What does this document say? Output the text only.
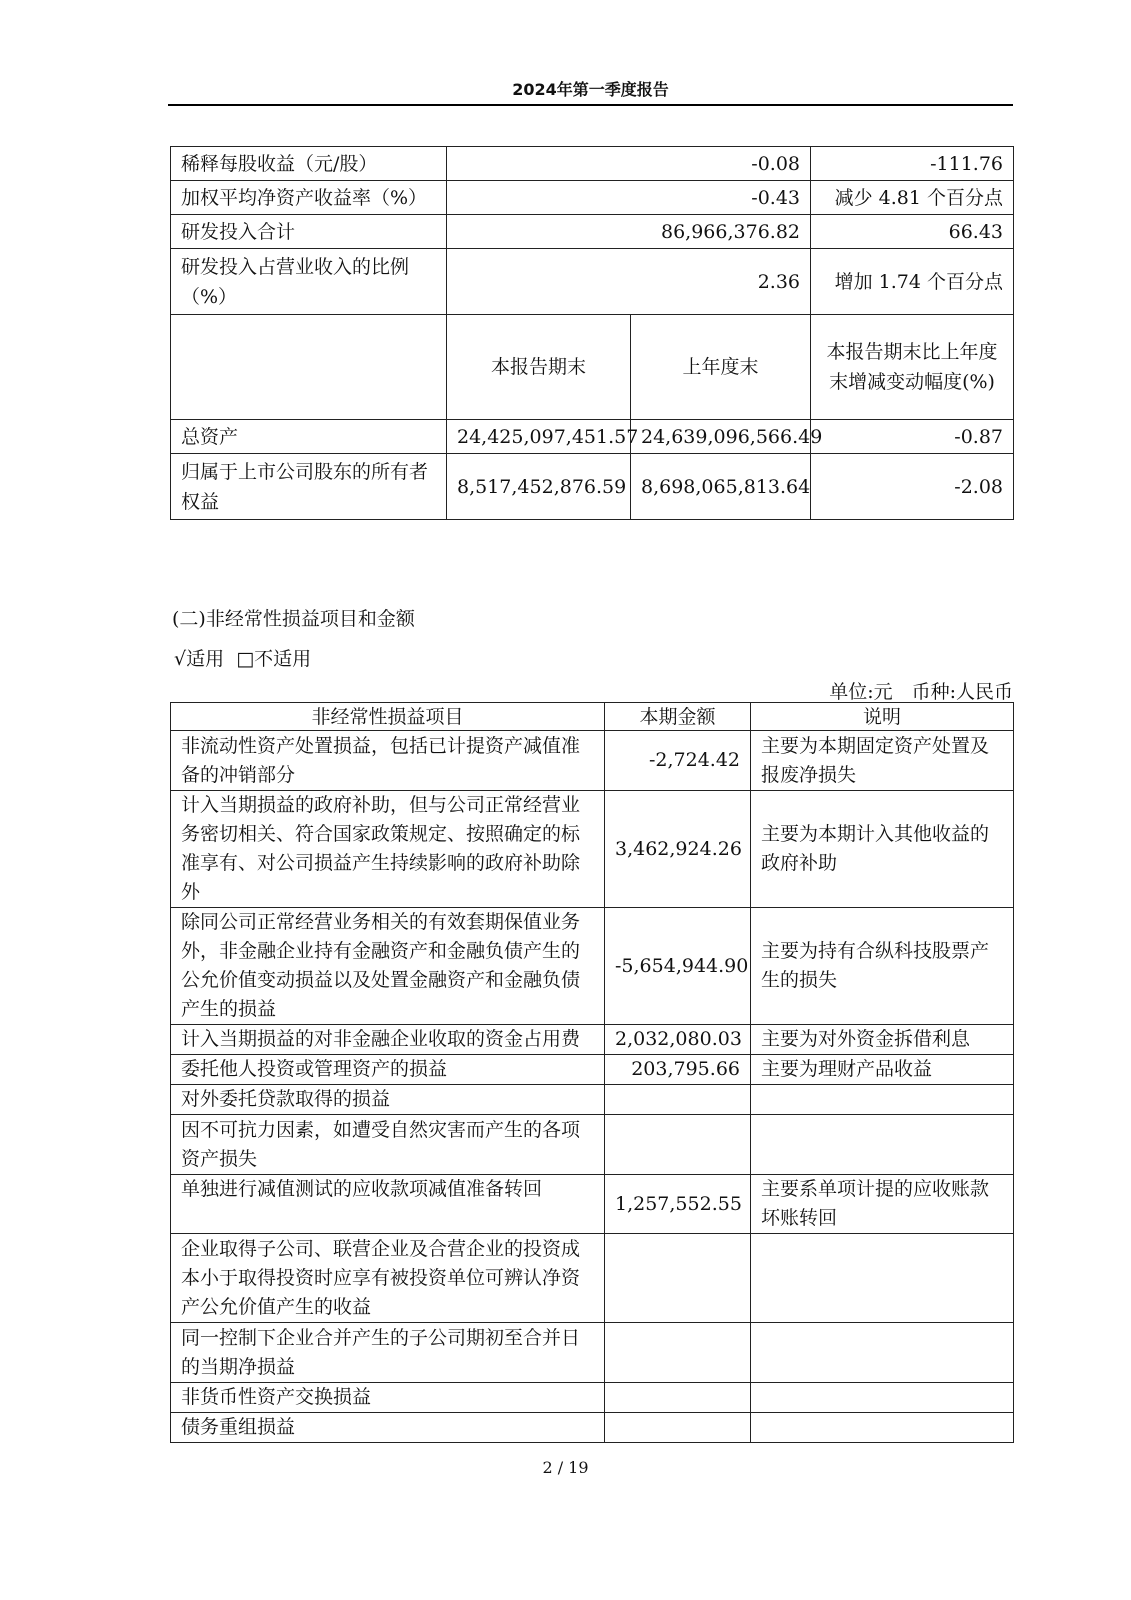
2024年第一季度报告
稀释每股收益（元/股）	-0.08		-111.76
加权平均净资产收益率（%）	-0.43		减少 4.81 个百分点
研发投入合计	86,966,376.82		66.43
研发投入占营业收入的比例（%）	2.36		增加 1.74 个百分点
	本报告期末	上年度末	本报告期末比上年度末增减变动幅度(%)
总资产	24,425,097,451.57	24,639,096,566.49	-0.87
归属于上市公司股东的所有者权益	8,517,452,876.59	8,698,065,813.64	-2.08
(二)非经常性损益项目和金额
√适用 □不适用
单位:元　币种:人民币
非经常性损益项目	本期金额	说明
非流动性资产处置损益，包括已计提资产减值准备的冲销部分	-2,724.42	主要为本期固定资产处置及报废净损失
计入当期损益的政府补助，但与公司正常经营业务密切相关、符合国家政策规定、按照确定的标准享有、对公司损益产生持续影响的政府补助除外	3,462,924.26	主要为本期计入其他收益的政府补助
除同公司正常经营业务相关的有效套期保值业务外，非金融企业持有金融资产和金融负债产生的公允价值变动损益以及处置金融资产和金融负债产生的损益	-5,654,944.90	主要为持有合纵科技股票产生的损失
计入当期损益的对非金融企业收取的资金占用费	2,032,080.03	主要为对外资金拆借利息
委托他人投资或管理资产的损益	203,795.66	主要为理财产品收益
对外委托贷款取得的损益		
因不可抗力因素，如遭受自然灾害而产生的各项资产损失		
单独进行减值测试的应收款项减值准备转回	1,257,552.55	主要系单项计提的应收账款坏账转回
企业取得子公司、联营企业及合营企业的投资成本小于取得投资时应享有被投资单位可辨认净资产公允价值产生的收益		
同一控制下企业合并产生的子公司期初至合并日的当期净损益		
非货币性资产交换损益		
债务重组损益		
2 / 19
